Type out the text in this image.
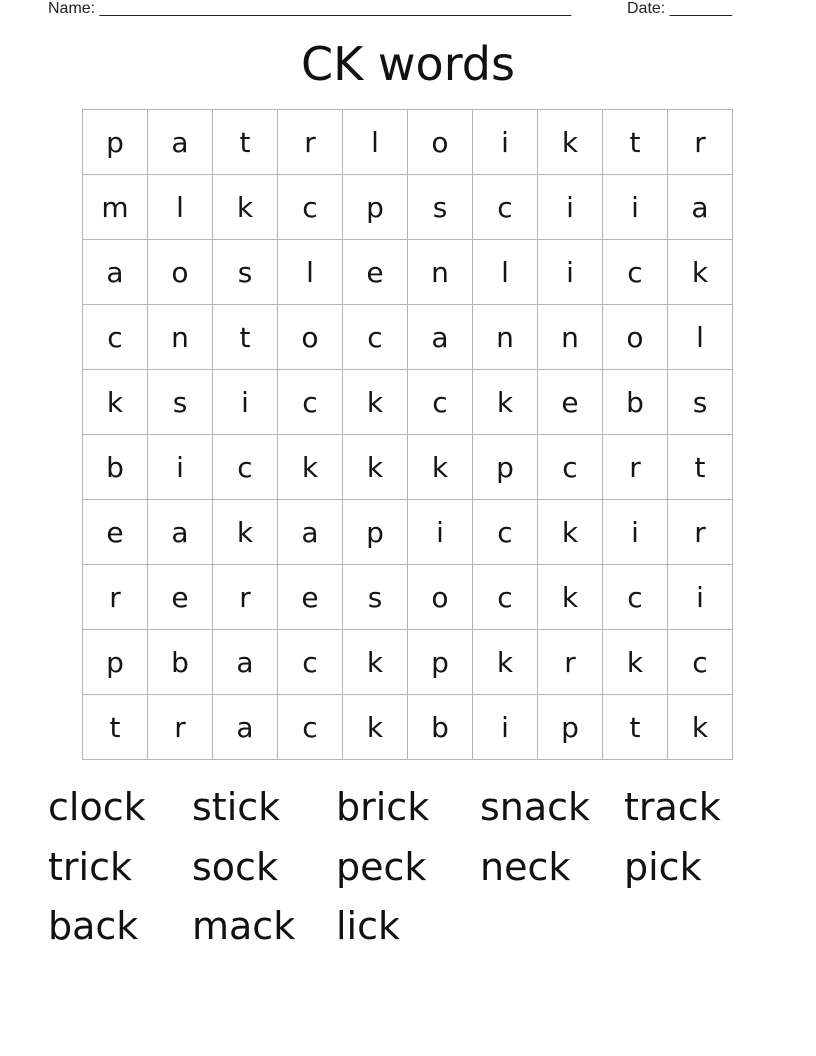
Name: _____________________________________________________	Date: _______
CK words
p	a	t	r	l	o	i	k	t	r
m	l	k	c	p	s	c	i	i	a
a	o	s	l	e	n	l	i	c	k
c	n	t	o	c	a	n	n	o	l
k	s	i	c	k	c	k	e	b	s
b	i	c	k	k	k	p	c	r	t
e	a	k	a	p	i	c	k	i	r
r	e	r	e	s	o	c	k	c	i
p	b	a	c	k	p	k	r	k	c
t	r	a	c	k	b	i	p	t	k
clock	stick	brick	snack track
trick	sock	peck	neck	pick
back	mack	lick
